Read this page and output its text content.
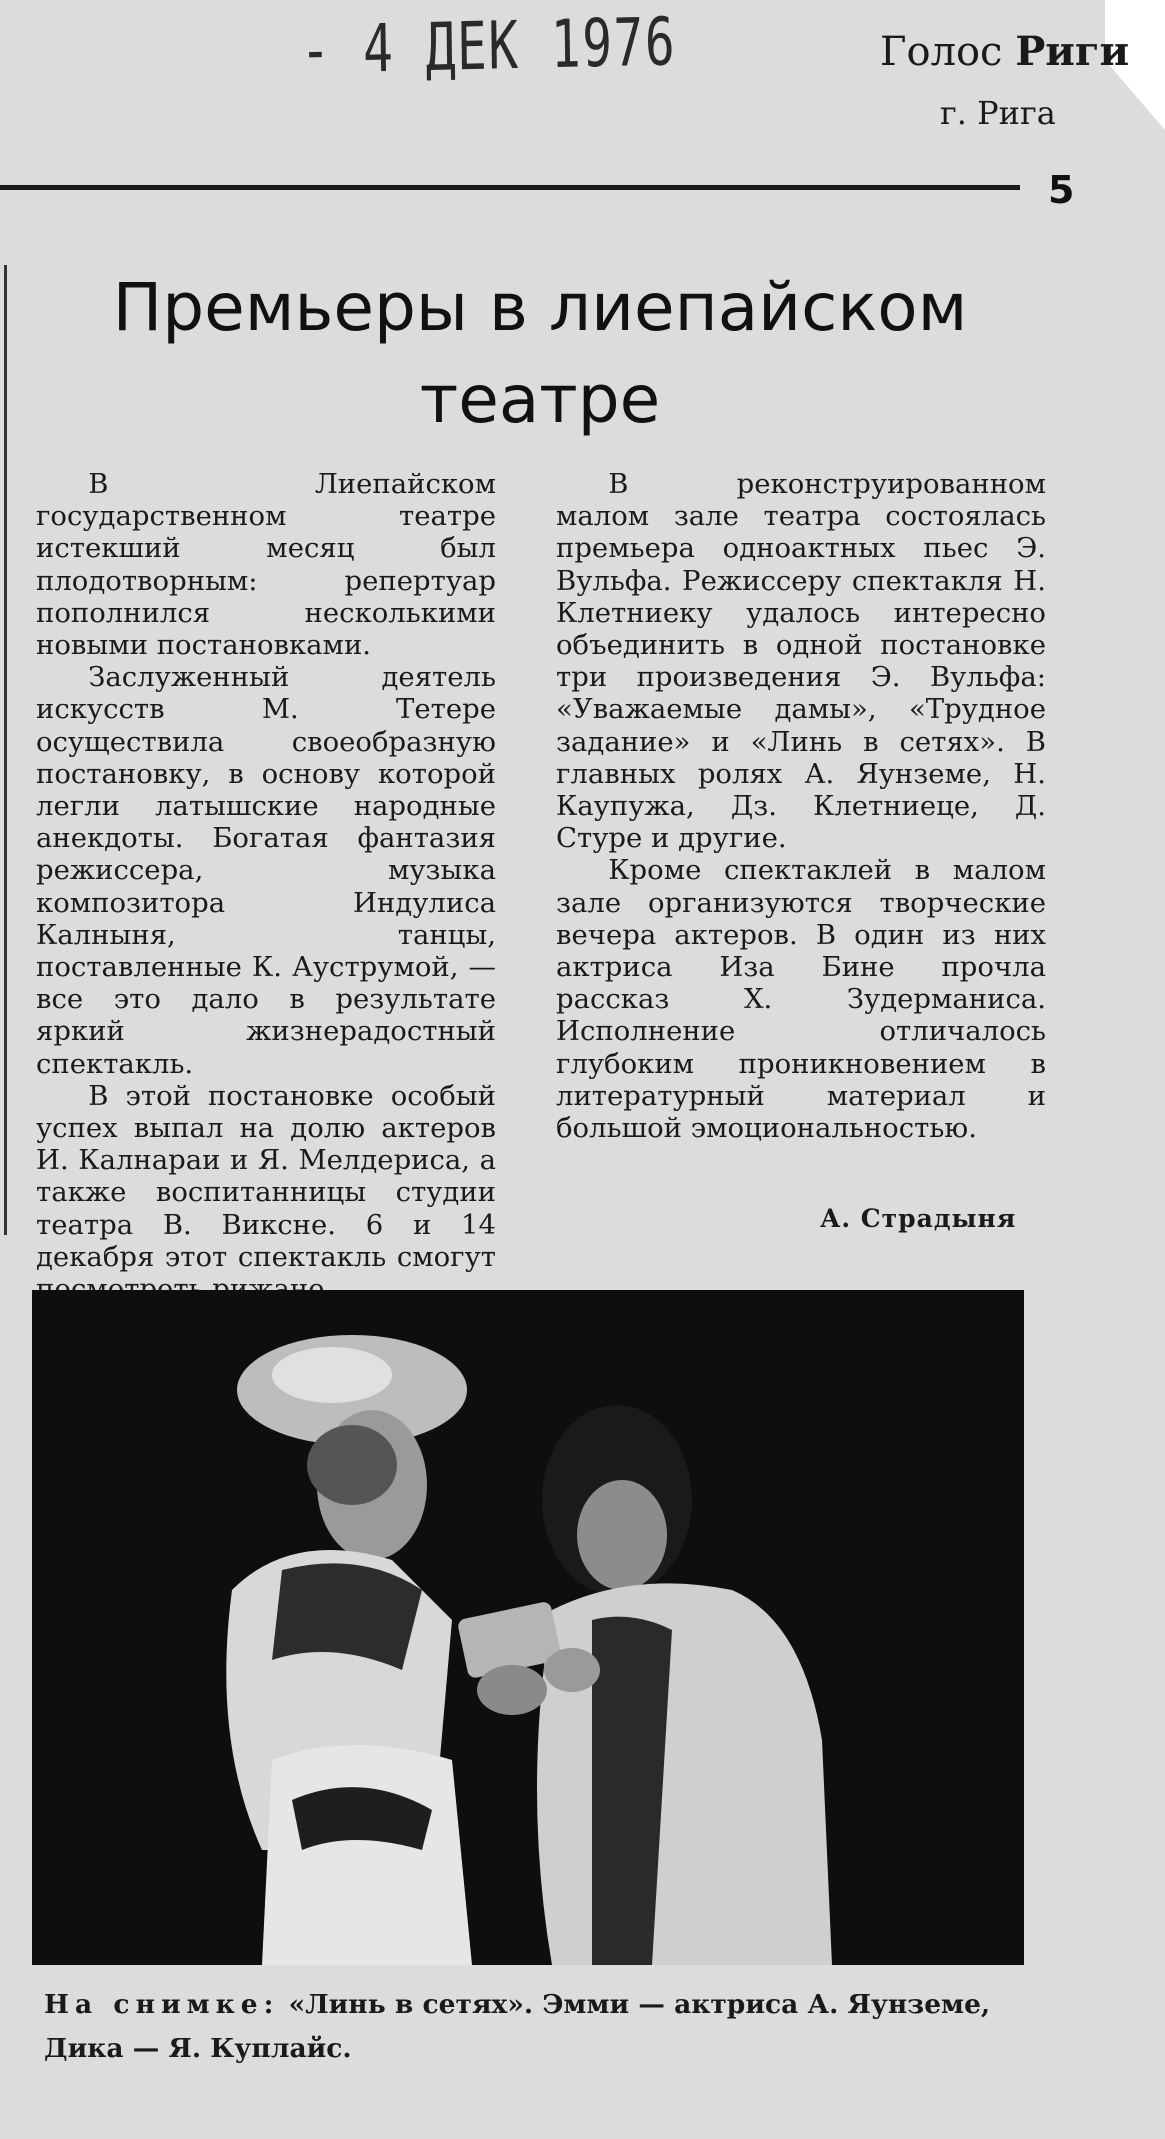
- 4 ДЕК 1976	Голос Риги
г. Рига
5
Премьеры в лиепайском
театре

В Лиепайском государственном театре истекший месяц был плодотворным: репертуар пополнился несколькими новыми постановками.

Заслуженный деятель искусств М. Тетере осуществила своеобразную постановку, в основу которой легли латышские народные анекдоты. Богатая фантазия режиссера, музыка композитора Индулиса Калныня, танцы, поставленные К. Ауструмой, — все это дало в результате яркий жизнерадостный спектакль.

В этой постановке особый успех выпал на долю актеров И. Калнараи и Я. Мелдериса, а также воспитанницы студии театра В. Виксне. 6 и 14 декабря этот спектакль смогут

В реконструированном малом зале театра состоялась премьера одноактных пьес Э. Вульфа. Режиссеру спектакля Н. Клетниеку удалось интересно объединить в одной постановке три произведения Э. Вульфа: «Уважаемые дамы», «Трудное задание» и «Линь в сетях». В главных ролях А. Яунземе, Н. Каупужа, Дз. Клетниеце, Д. Стуре и другие.

Кроме спектаклей в малом зале организуются творческие вечера актеров. В один из них актриса Иза Бине прочла рассказ Х. Зудерманиса. Исполнение отличалось глубоким проникновением в литературный материал и большой эмоциональностью.

А. Страдыня
На снимке: «Линь в сетях». Эмми — актриса А. Яунземе, Дика — Я. Куплайс.
